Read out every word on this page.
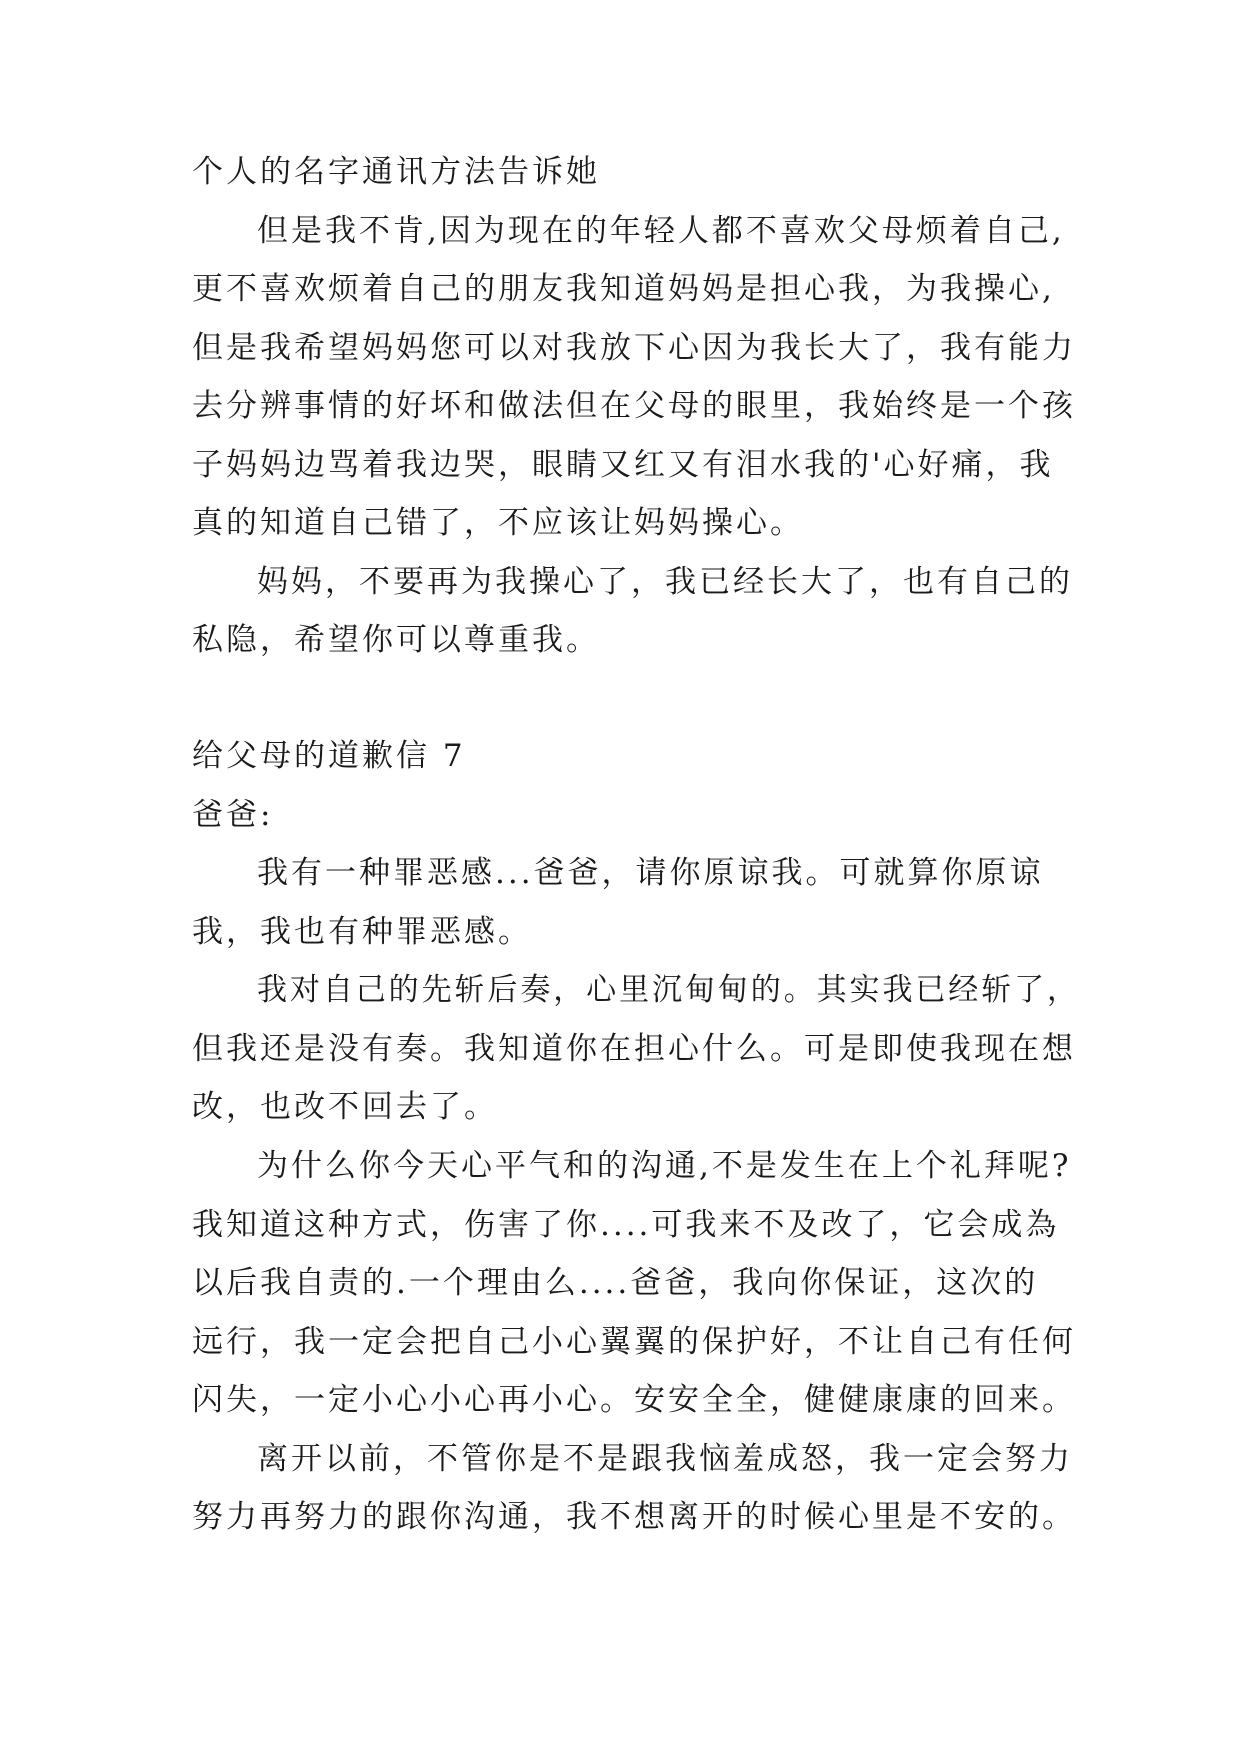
个人的名字通讯方法告诉她
但是我不肯,因为现在的年轻人都不喜欢父母烦着自己,
更不喜欢烦着自己的朋友我知道妈妈是担心我，为我操心,
但是我希望妈妈您可以对我放下心因为我长大了，我有能力
去分辨事情的好坏和做法但在父母的眼里，我始终是一个孩
子妈妈边骂着我边哭，眼睛又红又有泪水我的'心好痛，我
真的知道自己错了，不应该让妈妈操心。
妈妈，不要再为我操心了，我已经长大了，也有自己的
私隐，希望你可以尊重我。
给父母的道歉信 7
爸爸:
我有一种罪恶感...爸爸，请你原谅我。可就算你原谅
我，我也有种罪恶感。
我对自己的先斩后奏，心里沉甸甸的。其实我已经斩了，
但我还是没有奏。我知道你在担心什么。可是即使我现在想
改，也改不回去了。
为什么你今天心平气和的沟通,不是发生在上个礼拜呢?
我知道这种方式，伤害了你....可我来不及改了，它会成為
以后我自责的.一个理由么....爸爸，我向你保证，这次的
远行，我一定会把自己小心翼翼的保护好，不让自己有任何
闪失，一定小心小心再小心。安安全全，健健康康的回来。
离开以前，不管你是不是跟我恼羞成怒，我一定会努力
努力再努力的跟你沟通，我不想离开的时候心里是不安的。
